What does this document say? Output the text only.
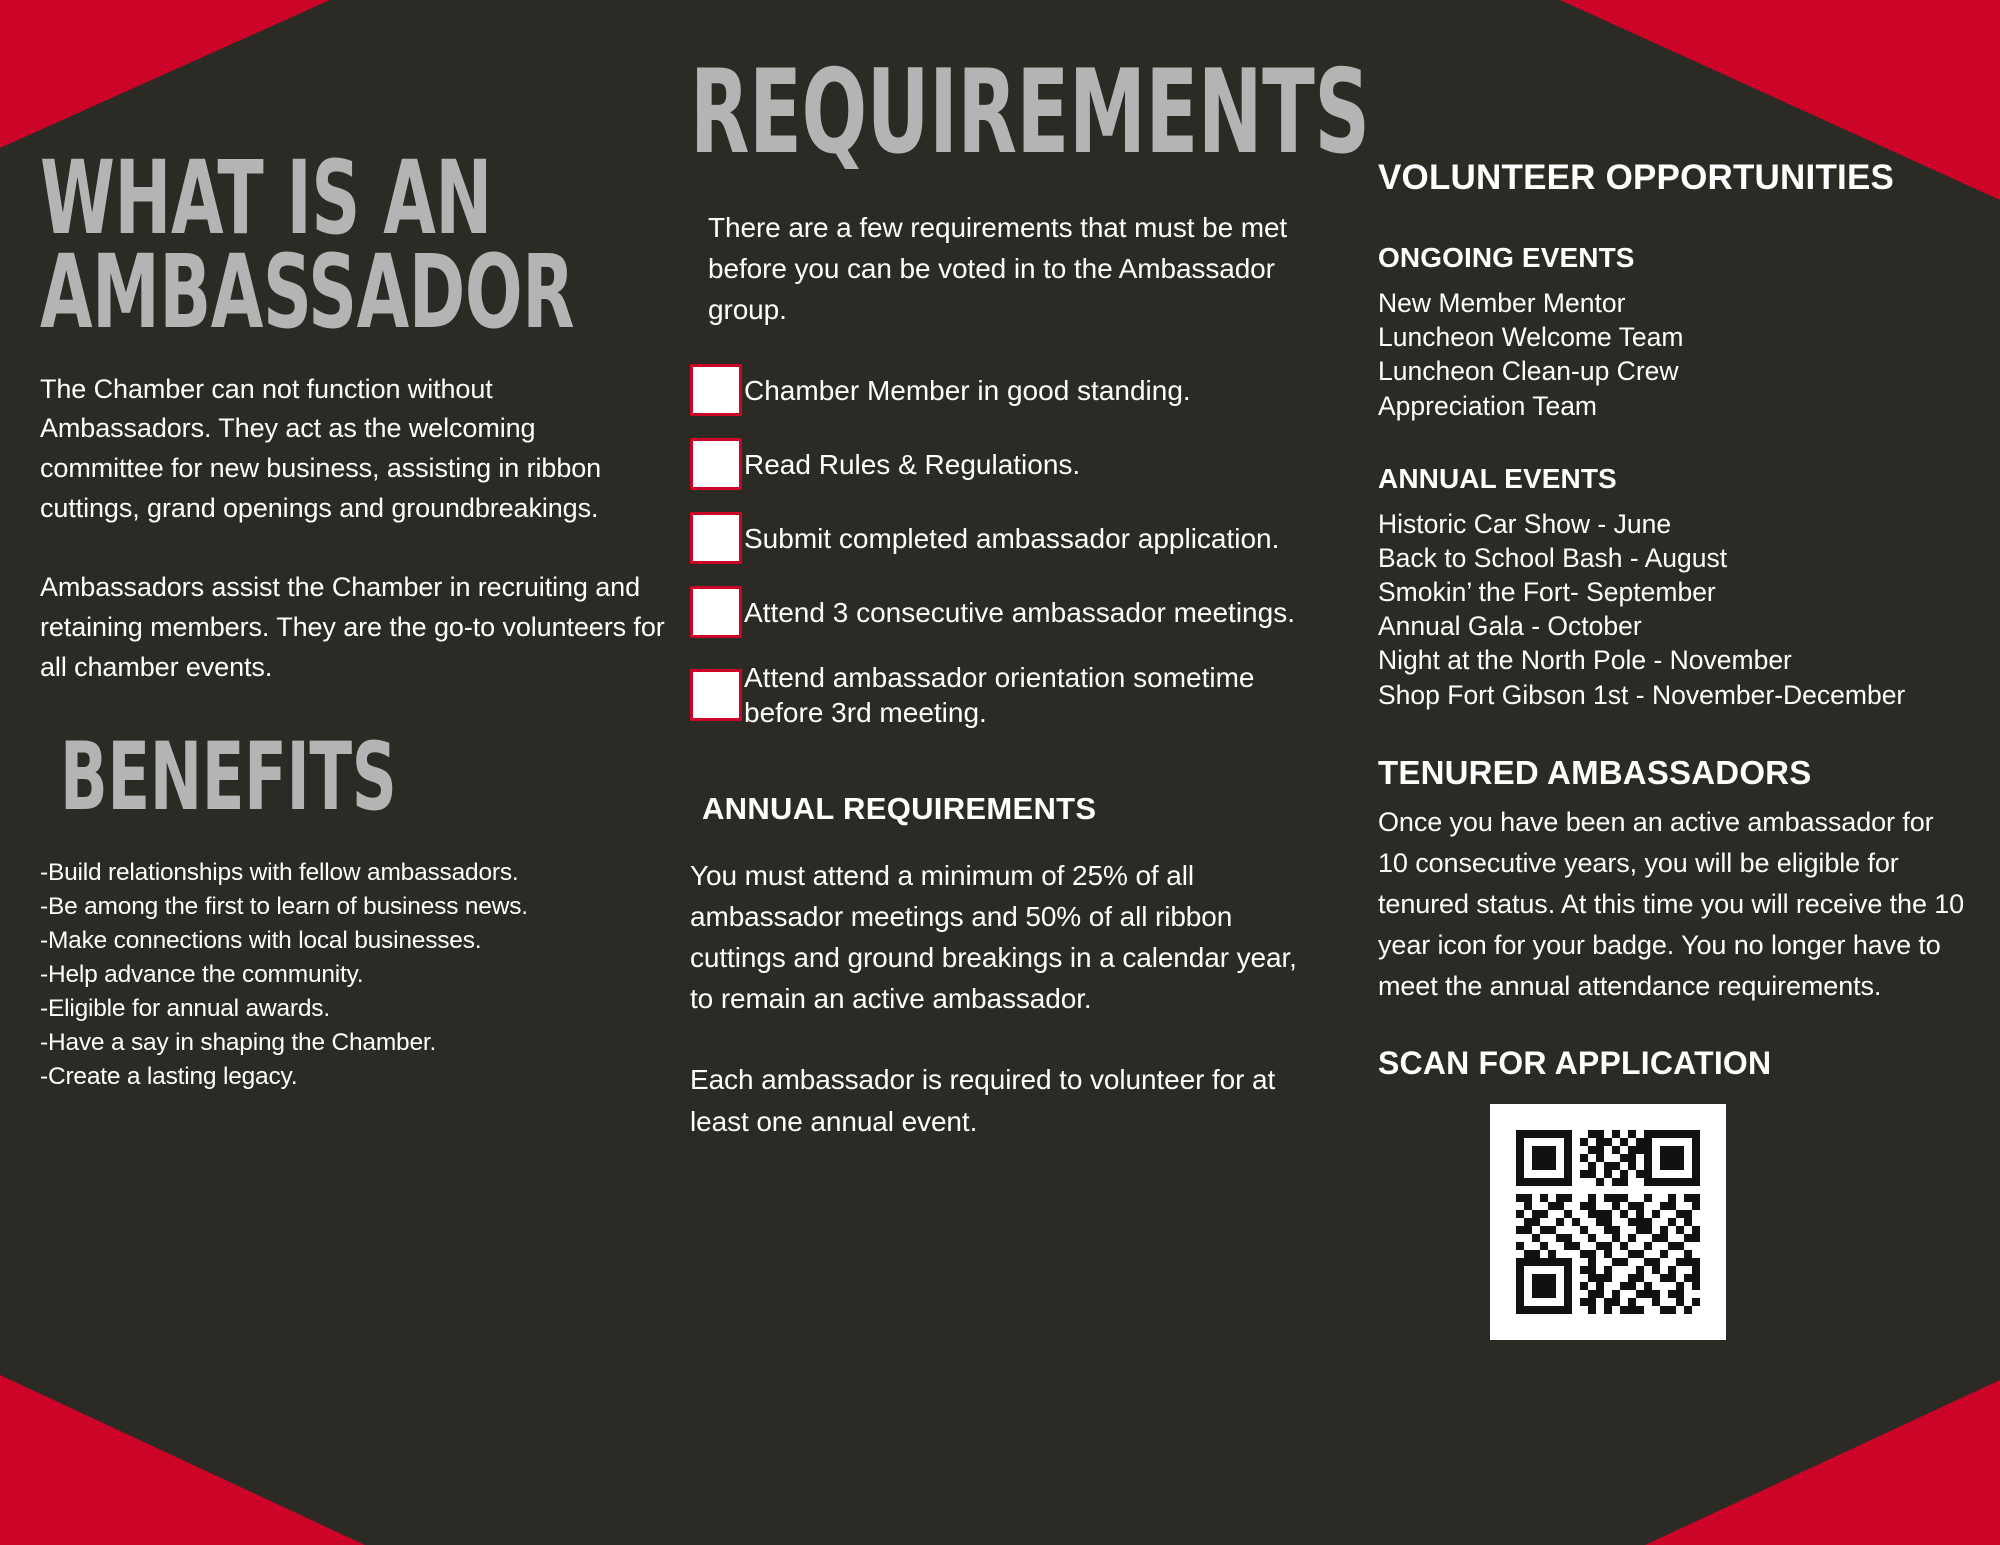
WHAT IS AN
AMBASSADOR
The Chamber can not function without Ambassadors. They act as the welcoming committee for new business, assisting in ribbon cuttings, grand openings and groundbreakings.
Ambassadors assist the Chamber in recruiting and retaining members. They are the go-to volunteers for all chamber events.
BENEFITS
-Build relationships with fellow ambassadors.
-Be among the first to learn of business news.
-Make connections with local businesses.
-Help advance the community.
-Eligible for annual awards.
-Have a say in shaping the Chamber.
-Create a lasting legacy.
REQUIREMENTS
There are a few requirements that must be met before you can be voted in to the Ambassador group.
Chamber Member in good standing.
Read Rules & Regulations.
Submit completed ambassador application.
Attend 3 consecutive ambassador meetings.
Attend ambassador orientation sometime before 3rd meeting.
ANNUAL REQUIREMENTS
You must attend a minimum of 25% of all ambassador meetings and 50% of all ribbon cuttings and ground breakings in a calendar year, to remain an active ambassador.
Each ambassador is required to volunteer for at least one annual event.
VOLUNTEER OPPORTUNITIES
ONGOING EVENTS
New Member Mentor
Luncheon Welcome Team
Luncheon Clean-up Crew
Appreciation Team
ANNUAL EVENTS
Historic Car Show - June
Back to School Bash - August
Smokin’ the Fort- September
Annual Gala - October
Night at the North Pole - November
Shop Fort Gibson 1st - November-December
TENURED AMBASSADORS
Once you have been an active ambassador for 10 consecutive years, you will be eligible for tenured status. At this time you will receive the 10 year icon for your badge. You no longer have to meet the annual attendance requirements.
SCAN FOR APPLICATION
